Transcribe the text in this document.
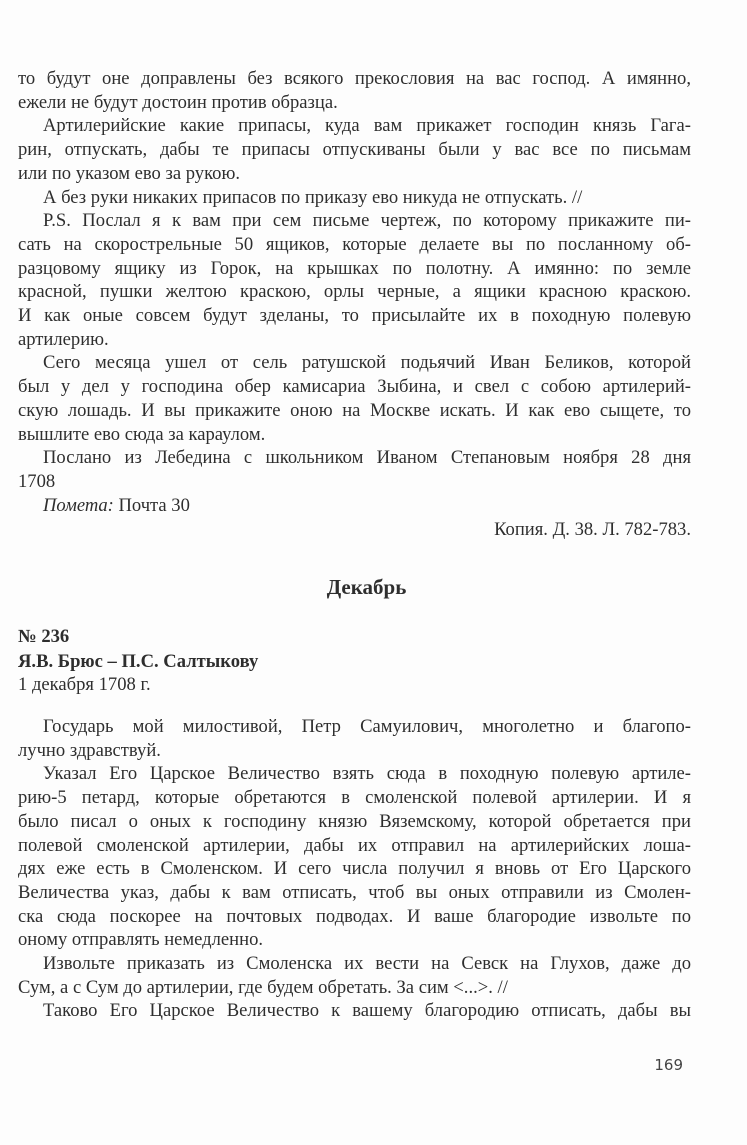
то будут оне доправлены без всякого прекословия на вас господ. А имянно,
ежели не будут достоин против образца.
Артилерийские какие припасы, куда вам прикажет господин князь Гага-
рин, отпускать, дабы те припасы отпускиваны были у вас все по письмам
или по указом ево за рукою.
А без руки никаких припасов по приказу ево никуда не отпускать. //
P.S. Послал я к вам при сем письме чертеж, по которому прикажите пи-
сать на скорострельные 50 ящиков, которые делаете вы по посланному об-
разцовому ящику из Горок, на крышках по полотну. А имянно: по земле
красной, пушки желтою краскою, орлы черные, а ящики красною краскою.
И как оные совсем будут зделаны, то присылайте их в походную полевую
артилерию.
Сего месяца ушел от сель ратушской подьячий Иван Беликов, которой
был у дел у господина обер камисариа Зыбина, и свел с собою артилерий-
скую лошадь. И вы прикажите оною на Москве искать. И как ево сыщете, то
вышлите ево сюда за караулом.
Послано из Лебедина с школьником Иваном Степановым ноября 28 дня
1708
Пометa: Почта 30
Копия. Д. 38. Л. 782-783.
Декабрь
№ 236
Я.В. Брюс – П.С. Салтыкову
1 декабря 1708 г.
Государь мой милостивой, Петр Самуилович, многолетно и благопо-
лучно здравствуй.
Указал Его Царское Величество взять сюда в походную полевую артиле-
рию-5 петард, которые обретаются в смоленской полевой артилерии. И я
было писал о оных к господину князю Вяземскому, которой обретается при
полевой смоленской артилерии, дабы их отправил на артилерийских лоша-
дях еже есть в Смоленском. И сего числа получил я вновь от Его Царского
Величества указ, дабы к вам отписать, чтоб вы оных отправили из Смолен-
ска сюда поскорее на почтовых подводах. И ваше благородие извольте по
оному отправлять немедленно.
Извольте приказать из Смоленска их вести на Севск на Глухов, даже до
Сум, а с Сум до артилерии, где будем обретать. За сим <...>. //
Таково Его Царское Величество к вашему благородию отписать, дабы вы
169
